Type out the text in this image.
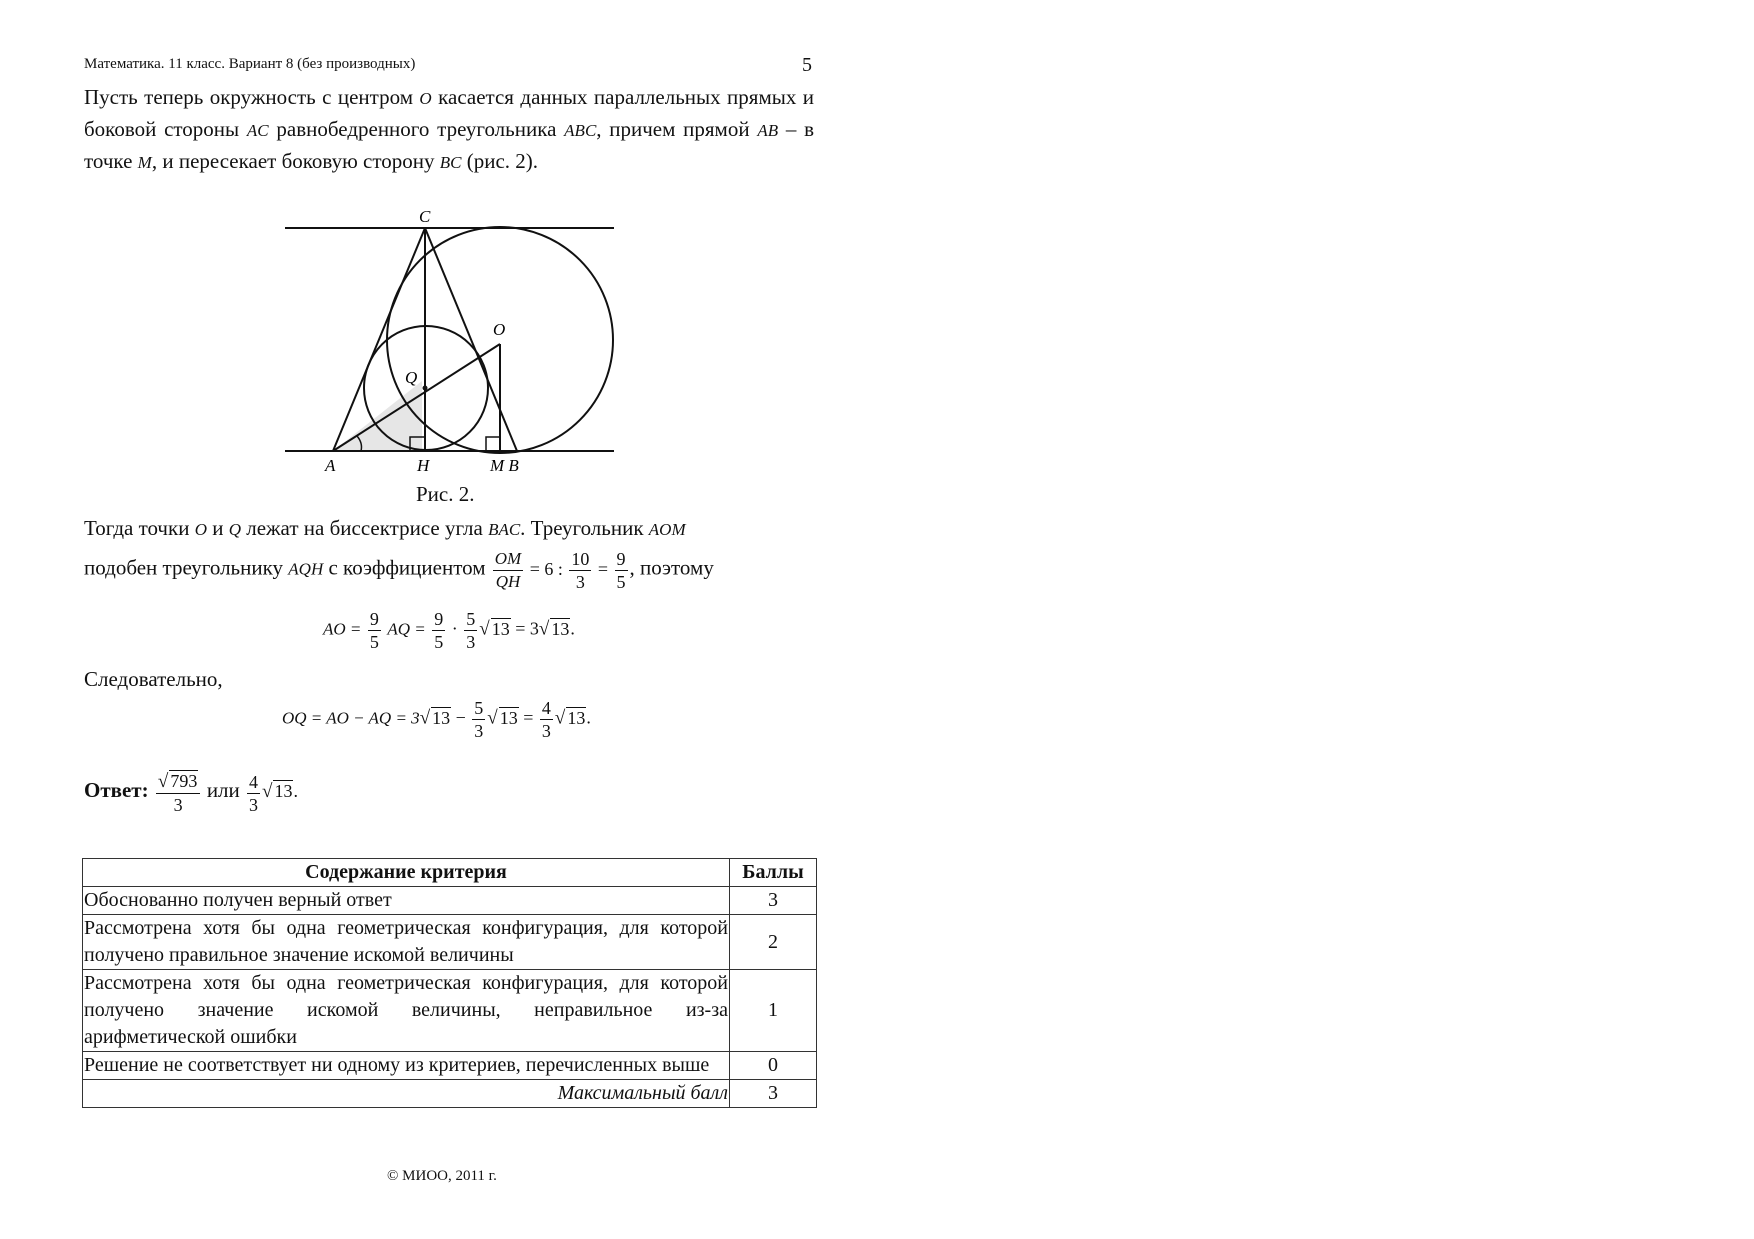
Математика. 11 класс. Вариант 8 (без производных)	5
Пусть теперь окружность с центром O касается данных параллельных прямых и боковой стороны AC равнобедренного треугольника ABC, причем прямой AB – в точке M, и пересекает боковую сторону BC (рис. 2).
C
O
Q
A	H	M B
Рис. 2.
Тогда точки O и Q лежат на биссектрисе угла BAC. Треугольник AOM
подобен треугольнику AQH с коэффициентом $\frac{OM}{QH} = 6$ : $\frac{10}{3} = \frac{9}{5}$ , поэтому
AO = $\frac{9}{5}$ AQ = $\frac{9}{5} \cdot \frac{5}{3}$ √ 13 = 3√ 13.
Следовательно,
OQ = AO − AQ = 3√ $13 - \frac{5}{3}$ √ $13 = \frac{4}{3}$ √ 13.
Ответ: $\frac{√ 793}{3}$ или $\frac{4}{3}$ √ 13.
Содержание критерия	Баллы
Обоснованно получен верный ответ	3
Рассмотрена хотя бы одна геометрическая конфигурация, для которой получено правильное значение искомой величины	2
Рассмотрена хотя бы одна геометрическая конфигурация, для которой получено значение искомой величины, неправильное из-за арифметической ошибки	1
Решение не соответствует ни одному из критериев, перечисленных выше	0
Максимальный балл	3
© МИОО, 2011 г.
